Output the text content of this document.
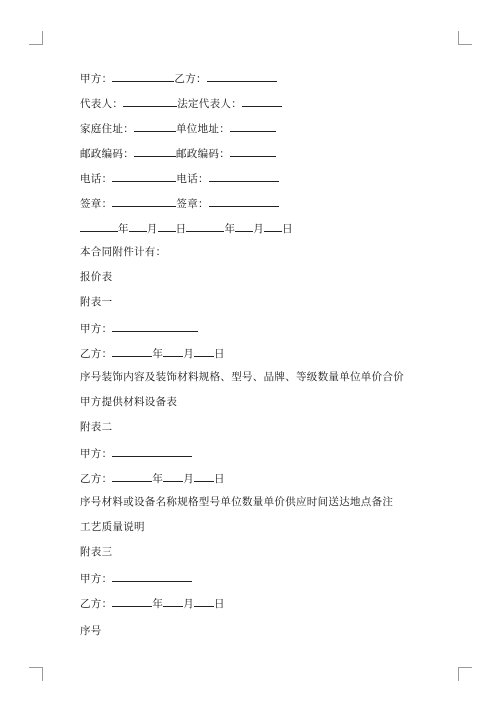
甲方：	乙方：
代表人：	法定代表人：
家庭住址：	单位地址：
邮政编码：	邮政编码：
电话：	电话：
签章：	签章：
年 月 日	年 月 日
本合同附件计有：
报价表
附表一
甲方：
乙方：	年 月 日
序号装饰内容及装饰材料规格、型号、品牌、等级数量单位单价合价
甲方提供材料设备表
附表二
甲方：
乙方：	年 月 日
序号材料或设备名称规格型号单位数量单价供应时间送达地点备注
工艺质量说明
附表三
甲方：
乙方：	年 月 日
序号
